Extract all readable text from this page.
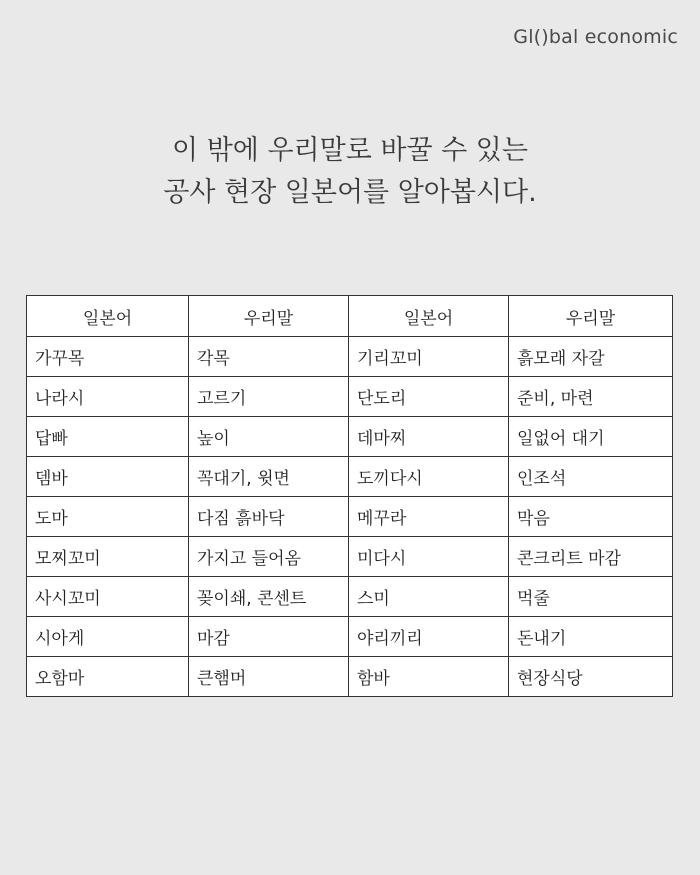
Gl()bal economic
이 밖에 우리말로 바꿀 수 있는
공사 현장 일본어를 알아봅시다.
일본어	우리말	일본어	우리말
가꾸목	각목	기리꼬미	흙모래 자갈
나라시	고르기	단도리	준비, 마련
답빠	높이	데마찌	일없어 대기
뎀바	꼭대기, 윗면	도끼다시	인조석
도마	다짐 흙바닥	메꾸라	막음
모찌꼬미	가지고 들어옴	미다시	콘크리트 마감
사시꼬미	꽂이쇄, 콘센트	스미	먹줄
시아게	마감	야리끼리	돈내기
오함마	큰햄머	함바	현장식당
